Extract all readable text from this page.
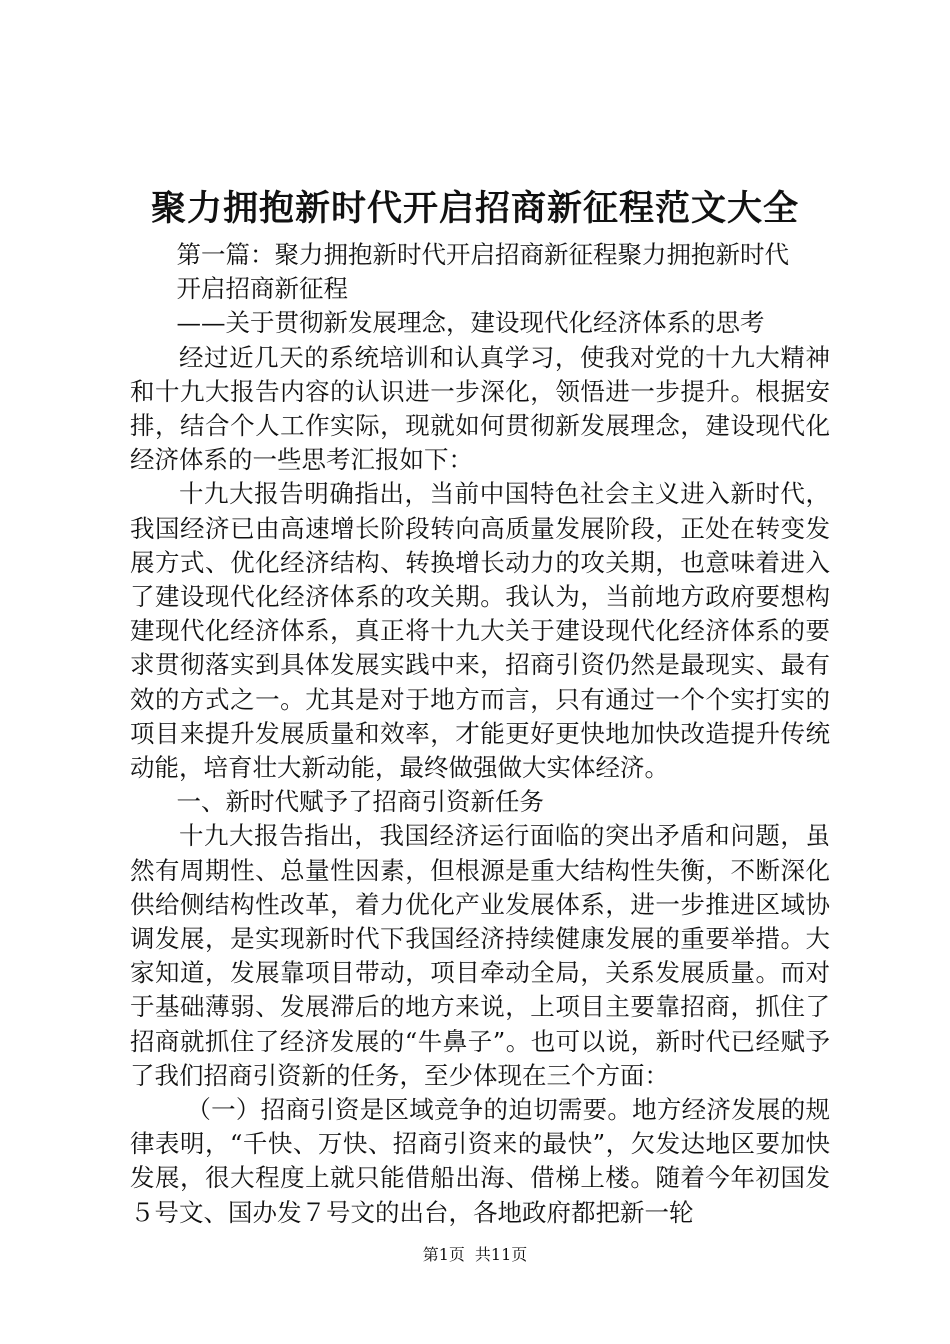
聚力拥抱新时代开启招商新征程范文大全

第一篇：聚力拥抱新时代开启招商新征程聚力拥抱新时代

开启招商新征程

——关于贯彻新发展理念，建设现代化经济体系的思考

经过近几天的系统培训和认真学习，使我对党的十九大精神和十九大报告内容的认识进一步深化，领悟进一步提升。根据安排，结合个人工作实际，现就如何贯彻新发展理念，建设现代化经济体系的一些思考汇报如下：

十九大报告明确指出，当前中国特色社会主义进入新时代，我国经济已由高速增长阶段转向高质量发展阶段，正处在转变发展方式、优化经济结构、转换增长动力的攻关期，也意味着进入了建设现代化经济体系的攻关期。我认为，当前地方政府要想构建现代化经济体系，真正将十九大关于建设现代化经济体系的要求贯彻落实到具体发展实践中来，招商引资仍然是最现实、最有效的方式之一。尤其是对于地方而言，只有通过一个个实打实的项目来提升发展质量和效率，才能更好更快地加快改造提升传统动能，培育壮大新动能，最终做强做大实体经济。

一、新时代赋予了招商引资新任务

十九大报告指出，我国经济运行面临的突出矛盾和问题，虽然有周期性、总量性因素，但根源是重大结构性失衡，不断深化供给侧结构性改革，着力优化产业发展体系，进一步推进区域协调发展，是实现新时代下我国经济持续健康发展的重要举措。大家知道，发展靠项目带动，项目牵动全局，关系发展质量。而对于基础薄弱、发展滞后的地方来说，上项目主要靠招商，抓住了招商就抓住了经济发展的“牛鼻子”。也可以说，新时代已经赋予了我们招商引资新的任务，至少体现在三个方面：

（一）招商引资是区域竞争的迫切需要。地方经济发展的规律表明，“千快、万快、招商引资来的最快”，欠发达地区要加快发展，很大程度上就只能借船出海、借梯上楼。随着今年初国发５号文、国办发７号文的出台，各地政府都把新一轮

第1页 共11页
